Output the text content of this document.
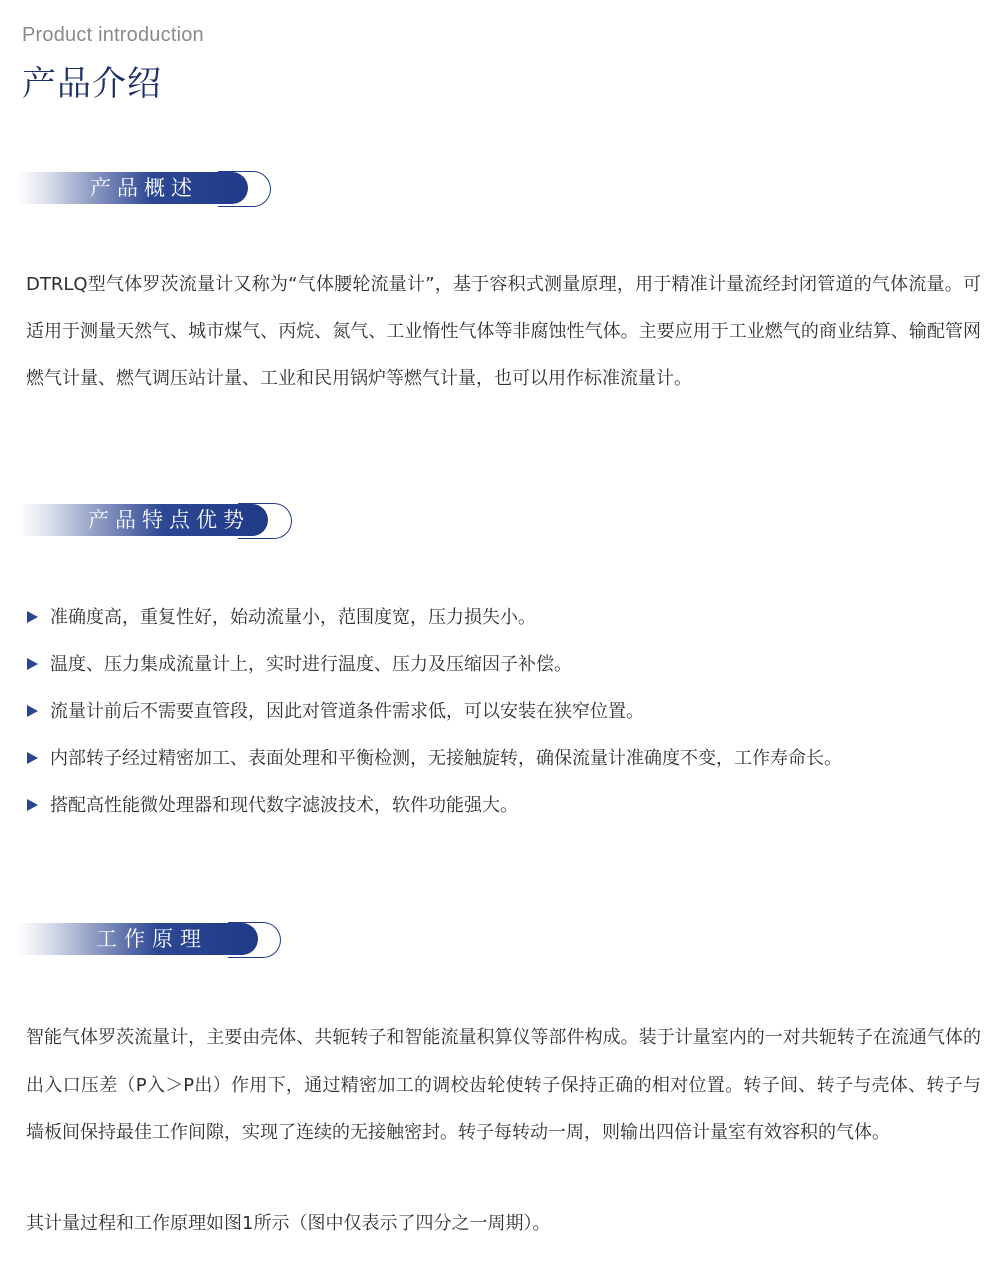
Product introduction
产品介绍
产品概述

DTRLQ型气体罗茨流量计又称为“气体腰轮流量计”，基于容积式测量原理，用于精准计量流经封闭管道的气体流量。可适用于测量天然气、城市煤气、丙烷、氮气、工业惰性气体等非腐蚀性气体。主要应用于工业燃气的商业结算、输配管网燃气计量、燃气调压站计量、工业和民用锅炉等燃气计量，也可以用作标准流量计。

产品特点优势
准确度高，重复性好，始动流量小，范围度宽，压力损失小。
温度、压力集成流量计上，实时进行温度、压力及压缩因子补偿。
流量计前后不需要直管段，因此对管道条件需求低，可以安装在狭窄位置。
内部转子经过精密加工、表面处理和平衡检测，无接触旋转，确保流量计准确度不变，工作寿命长。
搭配高性能微处理器和现代数字滤波技术，软件功能强大。
工作原理

智能气体罗茨流量计，主要由壳体、共轭转子和智能流量积算仪等部件构成。装于计量室内的一对共轭转子在流通气体的出入口压差（P入＞P出）作用下，通过精密加工的调校齿轮使转子保持正确的相对位置。转子间、转子与壳体、转子与墙板间保持最佳工作间隙，实现了连续的无接触密封。转子每转动一周，则输出四倍计量室有效容积的气体。

其计量过程和工作原理如图1所示（图中仅表示了四分之一周期）。
